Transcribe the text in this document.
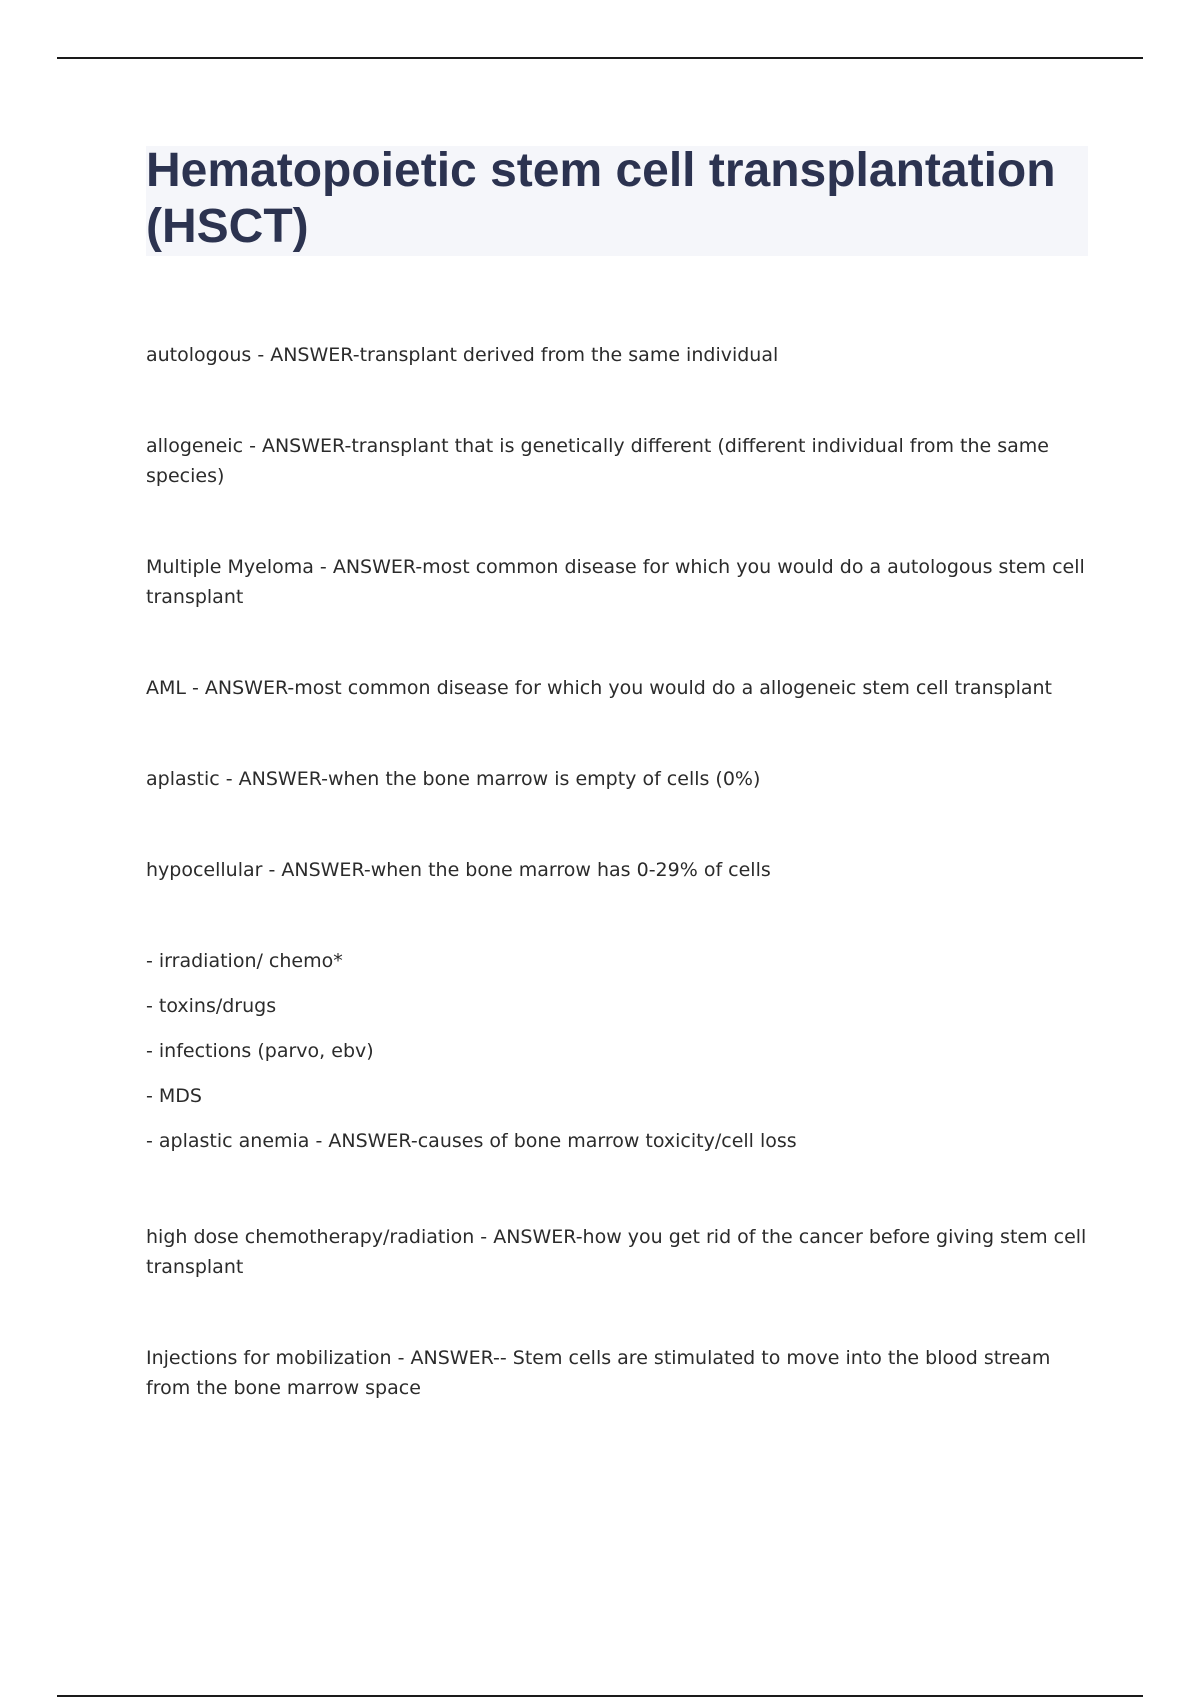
Hematopoietic stem cell transplantation (HSCT)

autologous - ANSWER-transplant derived from the same individual

allogeneic - ANSWER-transplant that is genetically different (different individual from the same species)

Multiple Myeloma - ANSWER-most common disease for which you would do a autologous stem cell transplant

AML - ANSWER-most common disease for which you would do a allogeneic stem cell transplant

aplastic - ANSWER-when the bone marrow is empty of cells (0%)

hypocellular - ANSWER-when the bone marrow has 0-29% of cells

- irradiation/ chemo*
- toxins/drugs
- infections (parvo, ebv)
- MDS
- aplastic anemia - ANSWER-causes of bone marrow toxicity/cell loss

high dose chemotherapy/radiation - ANSWER-how you get rid of the cancer before giving stem cell transplant

Injections for mobilization - ANSWER-- Stem cells are stimulated to move into the blood stream from the bone marrow space
